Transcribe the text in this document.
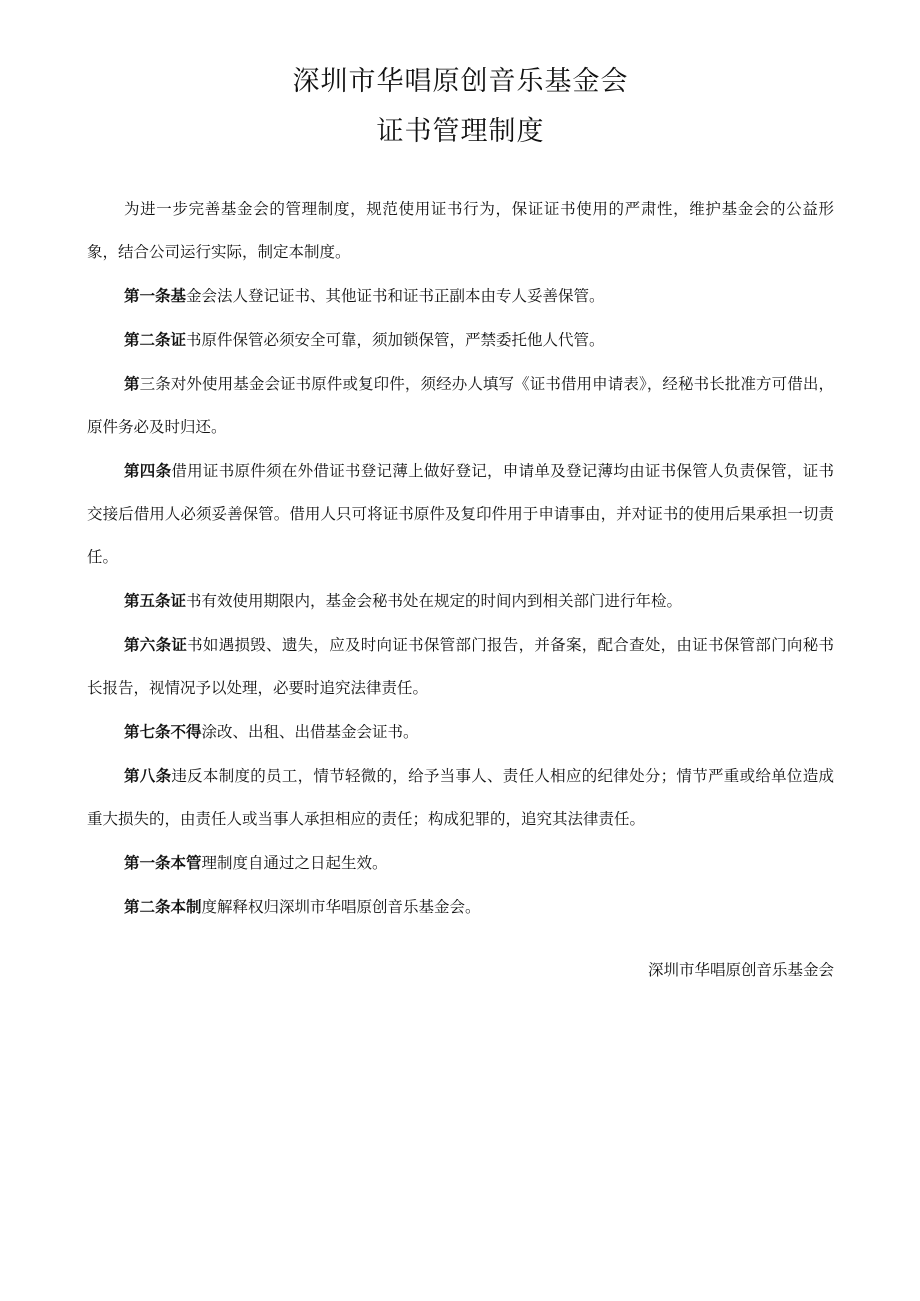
深圳市华唱原创音乐基金会
证书管理制度

为进一步完善基金会的管理制度，规范使用证书行为，保证证书使用的严肃性，维护基金会的公益形象，结合公司运行实际，制定本制度。

第一条基金会法人登记证书、其他证书和证书正副本由专人妥善保管。

第二条证书原件保管必须安全可靠，须加锁保管，严禁委托他人代管。

第三条对外使用基金会证书原件或复印件，须经办人填写《证书借用申请表》，经秘书长批准方可借出，原件务必及时归还。

第四条借用证书原件须在外借证书登记薄上做好登记，申请单及登记薄均由证书保管人负责保管，证书交接后借用人必须妥善保管。借用人只可将证书原件及复印件用于申请事由，并对证书的使用后果承担一切责任。

第五条证书有效使用期限内，基金会秘书处在规定的时间内到相关部门进行年检。

第六条证书如遇损毁、遗失，应及时向证书保管部门报告，并备案，配合查处，由证书保管部门向秘书长报告，视情况予以处理，必要时追究法律责任。

第七条不得涂改、出租、出借基金会证书。

第八条违反本制度的员工，情节轻微的，给予当事人、责任人相应的纪律处分；情节严重或给单位造成重大损失的，由责任人或当事人承担相应的责任；构成犯罪的，追究其法律责任。

第一条本管理制度自通过之日起生效。

第二条本制度解释权归深圳市华唱原创音乐基金会。

深圳市华唱原创音乐基金会
